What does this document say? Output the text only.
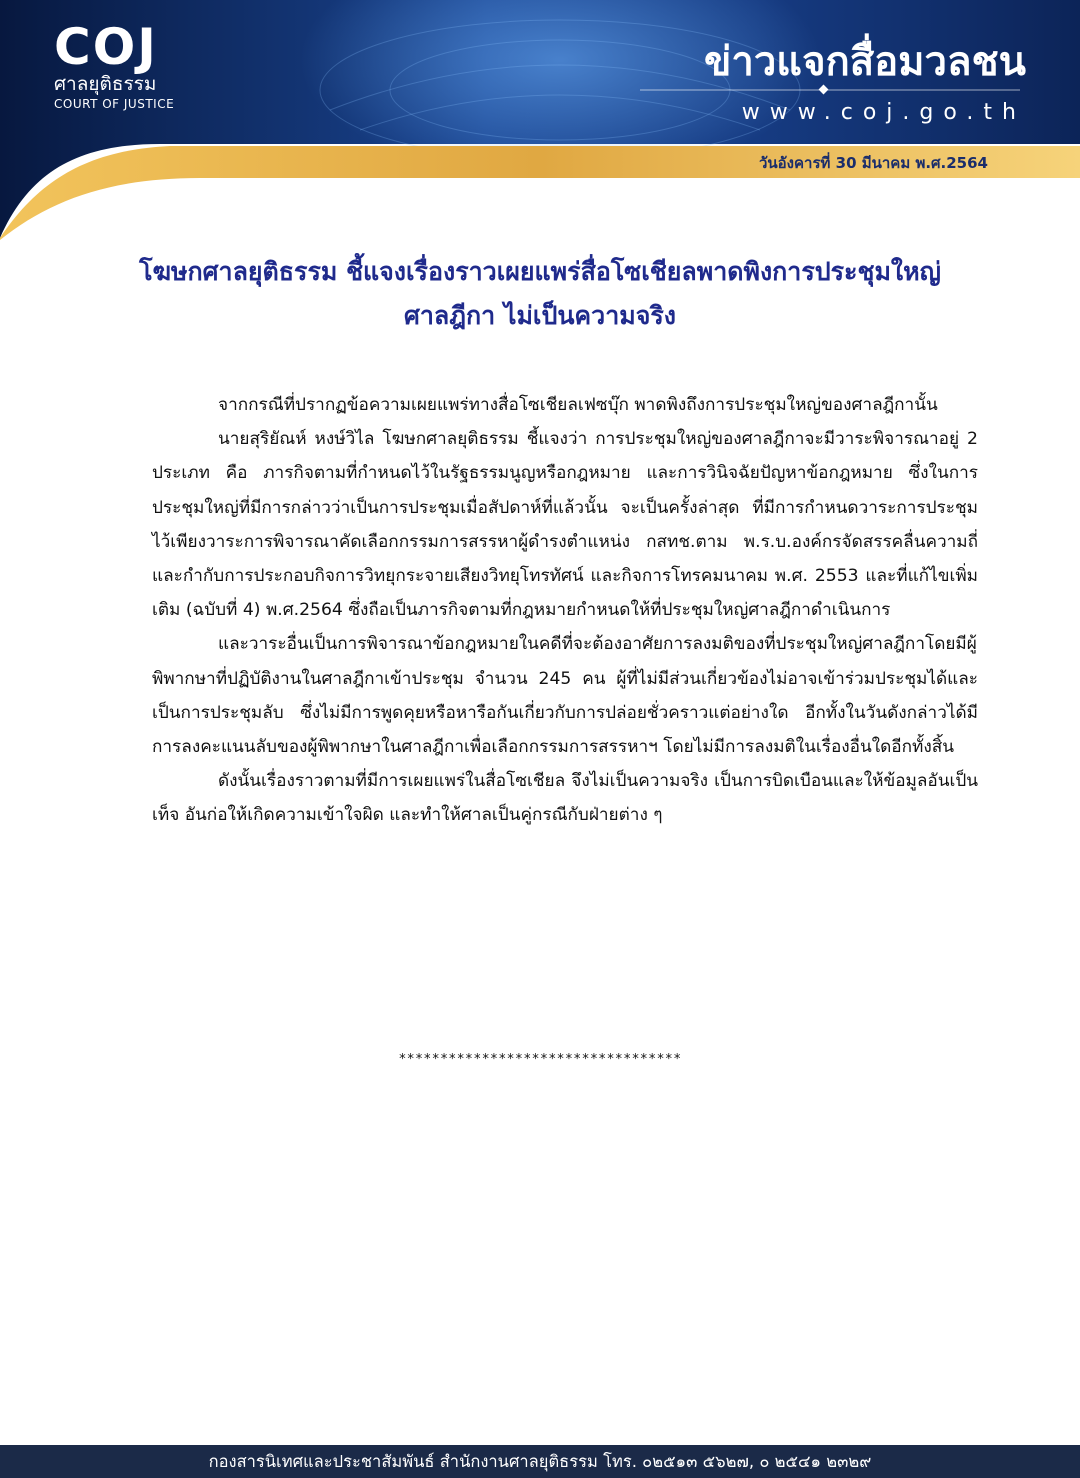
COJ
ศาลยุติธรรม
COURT OF JUSTICE
ข่าวแจกสื่อมวลชน
www.coj.go.th
วันอังคารที่ 30 มีนาคม พ.ศ.2564
โฆษกศาลยุติธรรม ชี้แจงเรื่องราวเผยแพร่สื่อโซเชียลพาดพิงการประชุมใหญ่
ศาลฎีกา ไม่เป็นความจริง

จากกรณีที่ปรากฏข้อความเผยแพร่ทางสื่อโซเชียลเฟซบุ๊ก พาดพิงถึงการประชุมใหญ่ของศาลฎีกานั้น

นายสุริยัณห์ หงษ์วิไล โฆษกศาลยุติธรรม ชี้แจงว่า การประชุมใหญ่ของศาลฎีกาจะมีวาระพิจารณาอยู่ 2 ประเภท คือ ภารกิจตามที่กำหนดไว้ในรัฐธรรมนูญหรือกฎหมาย และการวินิจฉัยปัญหาข้อกฎหมาย ซึ่งในการประชุมใหญ่ที่มีการกล่าวว่าเป็นการประชุมเมื่อสัปดาห์ที่แล้วนั้น จะเป็นครั้งล่าสุด ที่มีการกำหนดวาระการประชุมไว้เพียงวาระการพิจารณาคัดเลือกกรรมการสรรหาผู้ดำรงตำแหน่ง กสทช.ตาม พ.ร.บ.องค์กรจัดสรรคลื่นความถี่และกำกับการประกอบกิจการวิทยุกระจายเสียงวิทยุโทรทัศน์ และกิจการโทรคมนาคม พ.ศ. 2553 และที่แก้ไขเพิ่มเติม (ฉบับที่ 4) พ.ศ.2564 ซึ่งถือเป็นภารกิจตามที่กฎหมายกำหนดให้ที่ประชุมใหญ่ศาลฎีกาดำเนินการ

และวาระอื่นเป็นการพิจารณาข้อกฎหมายในคดีที่จะต้องอาศัยการลงมติของที่ประชุมใหญ่ศาลฎีกาโดยมีผู้พิพากษาที่ปฏิบัติงานในศาลฎีกาเข้าประชุม จำนวน 245 คน ผู้ที่ไม่มีส่วนเกี่ยวข้องไม่อาจเข้าร่วมประชุมได้และเป็นการประชุมลับ ซึ่งไม่มีการพูดคุยหรือหารือกันเกี่ยวกับการปล่อยชั่วคราวแต่อย่างใด อีกทั้งในวันดังกล่าวได้มีการลงคะแนนลับของผู้พิพากษาในศาลฎีกาเพื่อเลือกกรรมการสรรหาฯ โดยไม่มีการลงมติในเรื่องอื่นใดอีกทั้งสิ้น

ดังนั้นเรื่องราวตามที่มีการเผยแพร่ในสื่อโซเชียล จึงไม่เป็นความจริง เป็นการบิดเบือนและให้ข้อมูลอันเป็นเท็จ อันก่อให้เกิดความเข้าใจผิด และทำให้ศาลเป็นคู่กรณีกับฝ่ายต่าง ๆ

**********************************
กองสารนิเทศและประชาสัมพันธ์ สำนักงานศาลยุติธรรม โทร. ๐๒๕๑๓ ๕๖๒๗, ๐ ๒๕๔๑ ๒๓๒๙
